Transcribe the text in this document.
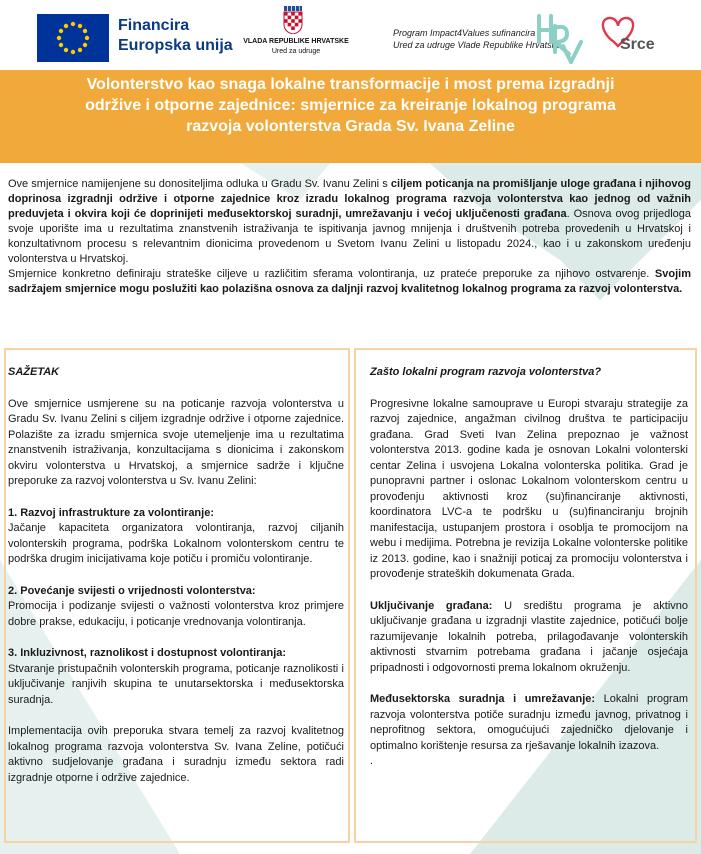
Financira
Europska unija	VLADA REPUBLIKE HRVATSKE
Ured za udruge
Program Impact4Values sufinancira
Ured za udruge Vlade Republike Hrvatske
HRV
Srce
Volonterstvo kao snaga lokalne transformacije i most prema izgradnji
održive i otporne zajednice: smjernice za kreiranje lokalnog programa
razvoja volonterstva Grada Sv. Ivana Zeline

Ove smjernice namijenjene su donositeljima odluka u Gradu Sv. Ivanu Zelini s ciljem poticanja na promišljanje uloge građana i njihovog doprinosa izgradnji održive i otporne zajednice kroz izradu lokalnog programa razvoja volonterstva kao jednog od važnih preduvjeta i okvira koji će doprinijeti međusektorskoj suradnji, umrežavanju i većoj uključenosti građana. Osnova ovog prijedloga svoje uporište ima u rezultatima znanstvenih istraživanja te ispitivanja javnog mnijenja i društvenih potreba provedenih u Hrvatskoj i konzultativnom procesu s relevantnim dionicima provedenom u Svetom Ivanu Zelini u listopadu 2024., kao i u zakonskom uređenju volonterstva u Hrvatskoj.

Smjernice konkretno definiraju strateške ciljeve u različitim sferama volontiranja, uz prateće preporuke za njihovo ostvarenje. Svojim sadržajem smjernice mogu poslužiti kao polazišna osnova za daljnji razvoj kvalitetnog lokalnog programa za razvoj volonterstva.

SAŽETAK

Ove smjernice usmjerene su na poticanje razvoja volonterstva u Gradu Sv. Ivanu Zelini s ciljem izgradnje održive i otporne zajednice. Polazište za izradu smjernica svoje utemeljenje ima u rezultatima znanstvenih istraživanja, konzultacijama s dionicima i zakonskom okviru volonterstva u Hrvatskoj, a smjernice sadrže i ključne preporuke za razvoj volonterstva u Sv. Ivanu Zelini:

1. Razvoj infrastrukture za volontiranje:

Jačanje kapaciteta organizatora volontiranja, razvoj ciljanih volonterskih programa, podrška Lokalnom volonterskom centru te podrška drugim inicijativama koje potiču i promiču volontiranje.

2. Povećanje svijesti o vrijednosti volonterstva:

Promocija i podizanje svijesti o važnosti volonterstva kroz primjere dobre prakse, edukaciju, i poticanje vrednovanja volontiranja.

3. Inkluzivnost, raznolikost i dostupnost volontiranja:

Stvaranje pristupačnih volonterskih programa, poticanje raznolikosti i uključivanje ranjivih skupina te unutarsektorska i međusektorska suradnja.

Implementacija ovih preporuka stvara temelj za razvoj kvalitetnog lokalnog programa razvoja volonterstva Sv. Ivana Zeline, potičući aktivno sudjelovanje građana i suradnju između sektora radi izgradnje otporne i održive zajednice.

Zašto lokalni program razvoja volonterstva?

Progresivne lokalne samouprave u Europi stvaraju strategije za razvoj zajednice, angažman civilnog društva te participaciju građana. Grad Sveti Ivan Zelina prepoznao je važnost volonterstva 2013. godine kada je osnovan Lokalni volonterski centar Zelina i usvojena Lokalna volonterska politika. Grad je punopravni partner i oslonac Lokalnom volonterskom centru u provođenju aktivnosti kroz (su)financiranje aktivnosti, koordinatora LVC-a te podršku u (su)financiranju brojnih manifestacija, ustupanjem prostora i osoblja te promocijom na webu i medijima. Potrebna je revizija Lokalne volonterske politike iz 2013. godine, kao i snažniji poticaj za promociju volonterstva i provođenje strateških dokumenata Grada.

Uključivanje građana: U središtu programa je aktivno uključivanje građana u izgradnji vlastite zajednice, potičući bolje razumijevanje lokalnih potreba, prilagođavanje volonterskih aktivnosti stvarnim potrebama građana i jačanje osjećaja pripadnosti i odgovornosti prema lokalnom okruženju.

Međusektorska suradnja i umrežavanje: Lokalni program razvoja volonterstva potiče suradnju između javnog, privatnog i neprofitnog sektora, omogućujući zajedničko djelovanje i optimalno korištenje resursa za rješavanje lokalnih izazova.

.
